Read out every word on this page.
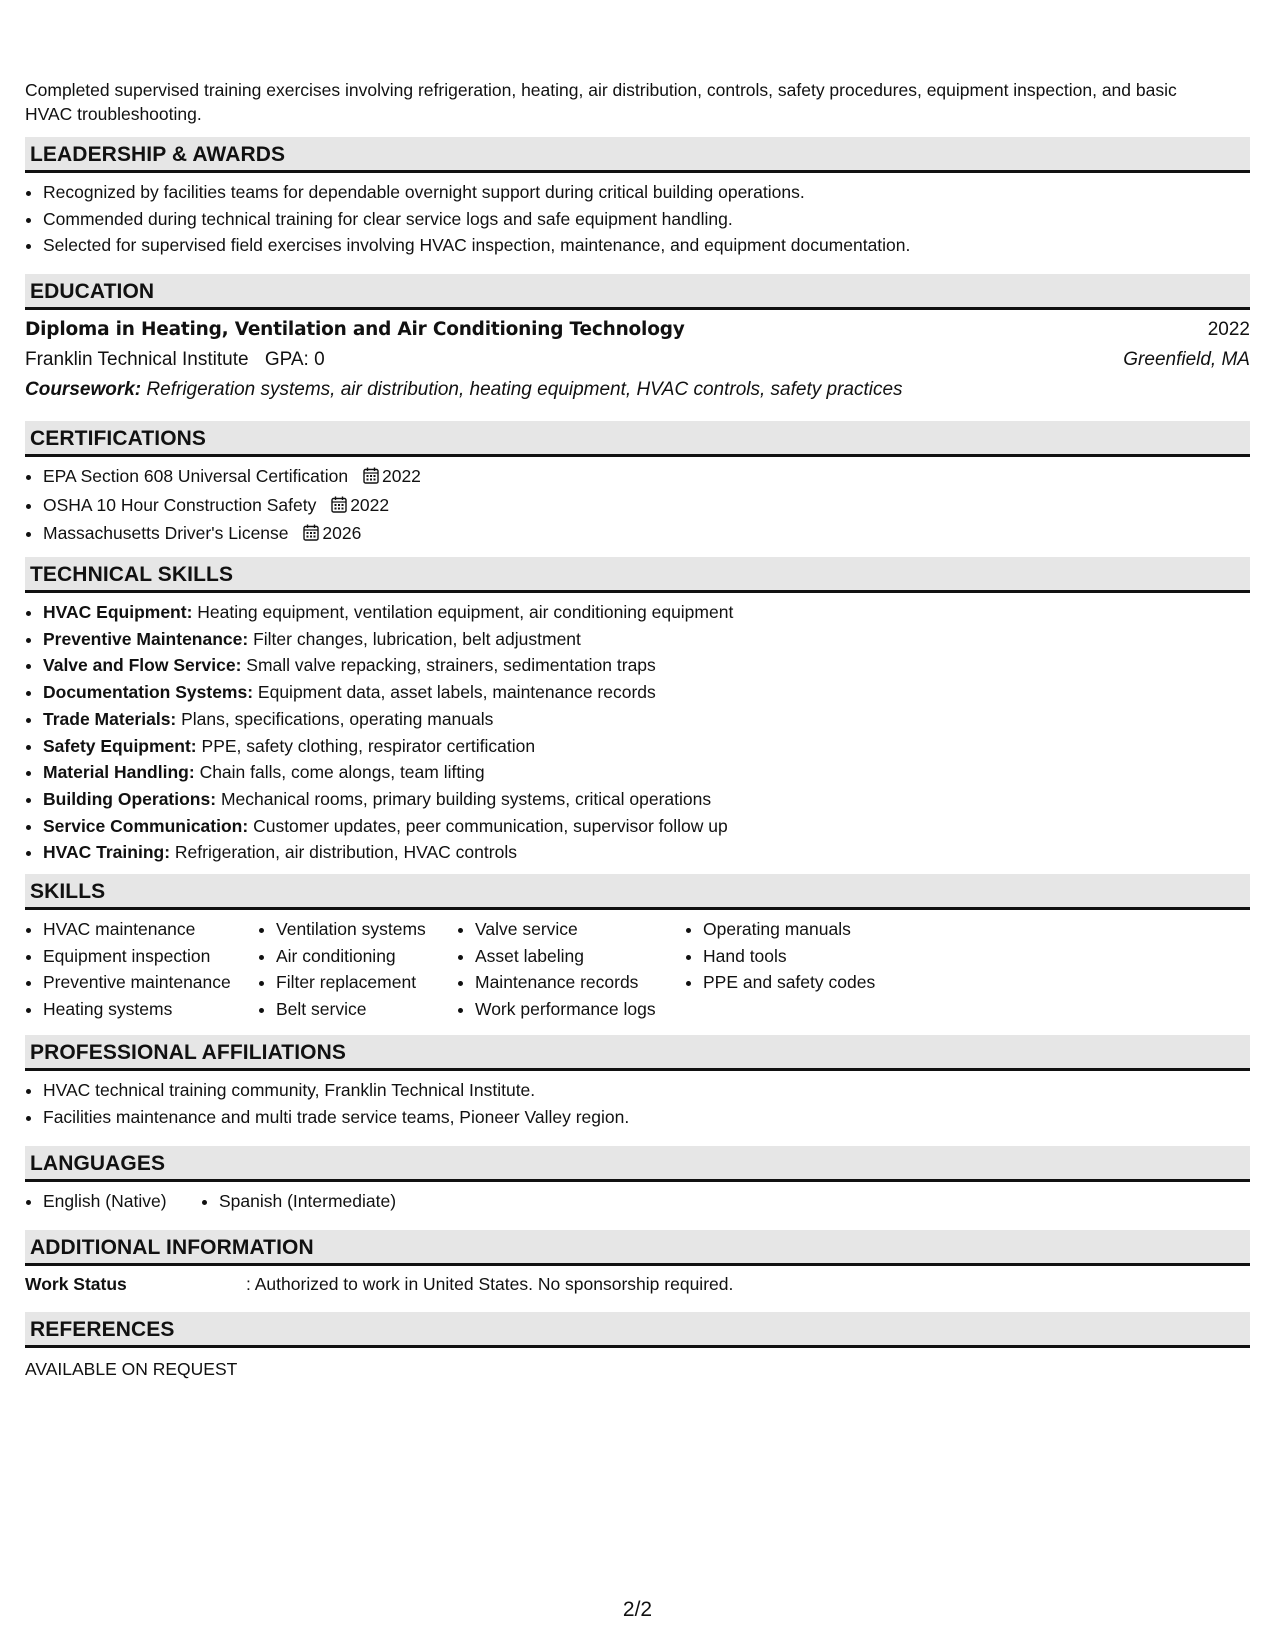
Completed supervised training exercises involving refrigeration, heating, air distribution, controls, safety procedures, equipment inspection, and basic HVAC troubleshooting.
LEADERSHIP & AWARDS
• Recognized by facilities teams for dependable overnight support during critical building operations.
• Commended during technical training for clear service logs and safe equipment handling.
• Selected for supervised field exercises involving HVAC inspection, maintenance, and equipment documentation.
EDUCATION
Diploma in Heating, Ventilation and Air Conditioning Technology	2022
Franklin Technical Institute GPA: 0	Greenfield, MA
Coursework: Refrigeration systems, air distribution, heating equipment, HVAC controls, safety practices
CERTIFICATIONS
• EPA Section 608 Universal Certification 2022
• OSHA 10 Hour Construction Safety 2022
• Massachusetts Driver's License 2026
TECHNICAL SKILLS
• HVAC Equipment: Heating equipment, ventilation equipment, air conditioning equipment
• Preventive Maintenance: Filter changes, lubrication, belt adjustment
• Valve and Flow Service: Small valve repacking, strainers, sedimentation traps
• Documentation Systems: Equipment data, asset labels, maintenance records
• Trade Materials: Plans, specifications, operating manuals
• Safety Equipment: PPE, safety clothing, respirator certification
• Material Handling: Chain falls, come alongs, team lifting
• Building Operations: Mechanical rooms, primary building systems, critical operations
• Service Communication: Customer updates, peer communication, supervisor follow up
• HVAC Training: Refrigeration, air distribution, HVAC controls
SKILLS
• HVAC maintenance
• Equipment inspection
• Preventive maintenance
• Heating systems
• Ventilation systems
• Air conditioning
• Filter replacement
• Belt service
• Valve service
• Asset labeling
• Maintenance records
• Work performance logs
• Operating manuals
• Hand tools
• PPE and safety codes
PROFESSIONAL AFFILIATIONS
• HVAC technical training community, Franklin Technical Institute.
• Facilities maintenance and multi trade service teams, Pioneer Valley region.
LANGUAGES
• English (Native)
•	Spanish (Intermediate)
ADDITIONAL INFORMATION
Work Status	: Authorized to work in United States. No sponsorship required.
REFERENCES
AVAILABLE ON REQUEST
2/2
